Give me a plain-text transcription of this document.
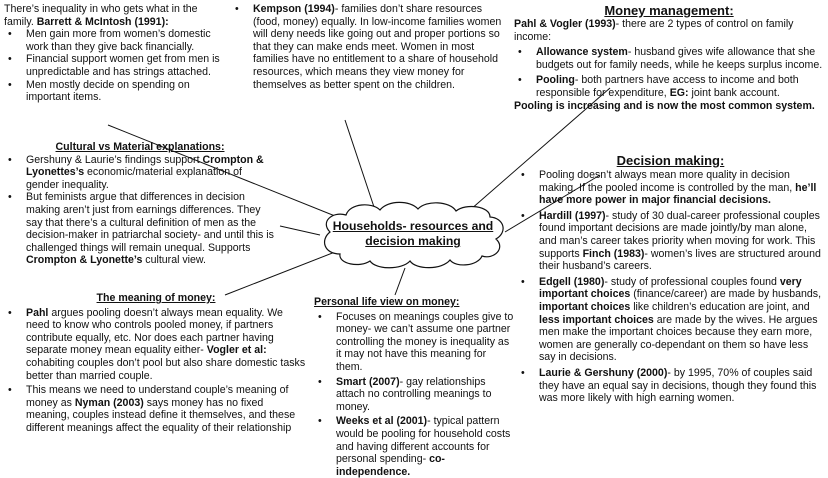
Households- resources and
decision making
There’s inequality in who gets what in the family. Barrett & McIntosh (1991):
• Men gain more from women’s domestic work than they give back financially.
• Financial support women get from men is unpredictable and has strings attached.
• Men mostly decide on spending on important items.
• Kempson (1994)- families don’t share resources (food, money) equally. In low-income families women will deny needs like going out and proper portions so that they can make ends meet. Women in most families have no entitlement to a share of household resources, which means they view money for themselves as better spent on the children.
Money management:
Pahl & Vogler (1993)- there are 2 types of control on family income:
• Allowance system- husband gives wife allowance that she budgets out for family needs, while he keeps surplus income.
• Pooling- both partners have access to income and both responsible for expenditure, EG: joint bank account.
Pooling is increasing and is now the most common system.
Cultural vs Material explanations:
• Gershuny & Laurie’s findings support Crompton & Lyonettes’s economic/material explanation of gender inequality.
• But feminists argue that differences in decision making aren’t just from earnings differences. They say that there’s a cultural definition of men as the decision-maker in patriarchal society- and until this is challenged things will remain unequal. Supports Crompton & Lyonette’s cultural view.
Decision making:
• Pooling doesn’t always mean more quality in decision making. If the pooled income is controlled by the man, he’ll have more power in major financial decisions.
• Hardill (1997)- study of 30 dual-career professional couples found important decisions are made jointly/by man alone, and man’s career takes priority when moving for work. This supports Finch (1983)- women’s lives are structured around their husband’s careers.
• Edgell (1980)- study of professional couples found very important choices (finance/career) are made by husbands, important choices like children’s education are joint, and less important choices are made by the wives. He argues men make the important choices because they earn more, women are generally co-dependant on them so have less say in decisions.
• Laurie & Gershuny (2000)- by 1995, 70% of couples said they have an equal say in decisions, though they found this was more likely with high earning women.
The meaning of money:
• Pahl argues pooling doesn’t always mean equality. We need to know who controls pooled money, if partners contribute equally, etc. Nor does each partner having separate money mean equality either- Vogler et al: cohabiting couples don’t pool but also share domestic tasks better than married couple.
• This means we need to understand couple’s meaning of money as Nyman (2003) says money has no fixed meaning, couples instead define it themselves, and these different meanings affect the equality of their relationship
Personal life view on money:
• Focuses on meanings couples give to money- we can’t assume one partner controlling the money is inequality as it may not have this meaning for them.
• Smart (2007)- gay relationships attach no controlling meanings to money.
• Weeks et al (2001)- typical pattern would be pooling for household costs and having different accounts for personal spending- co-independence.
